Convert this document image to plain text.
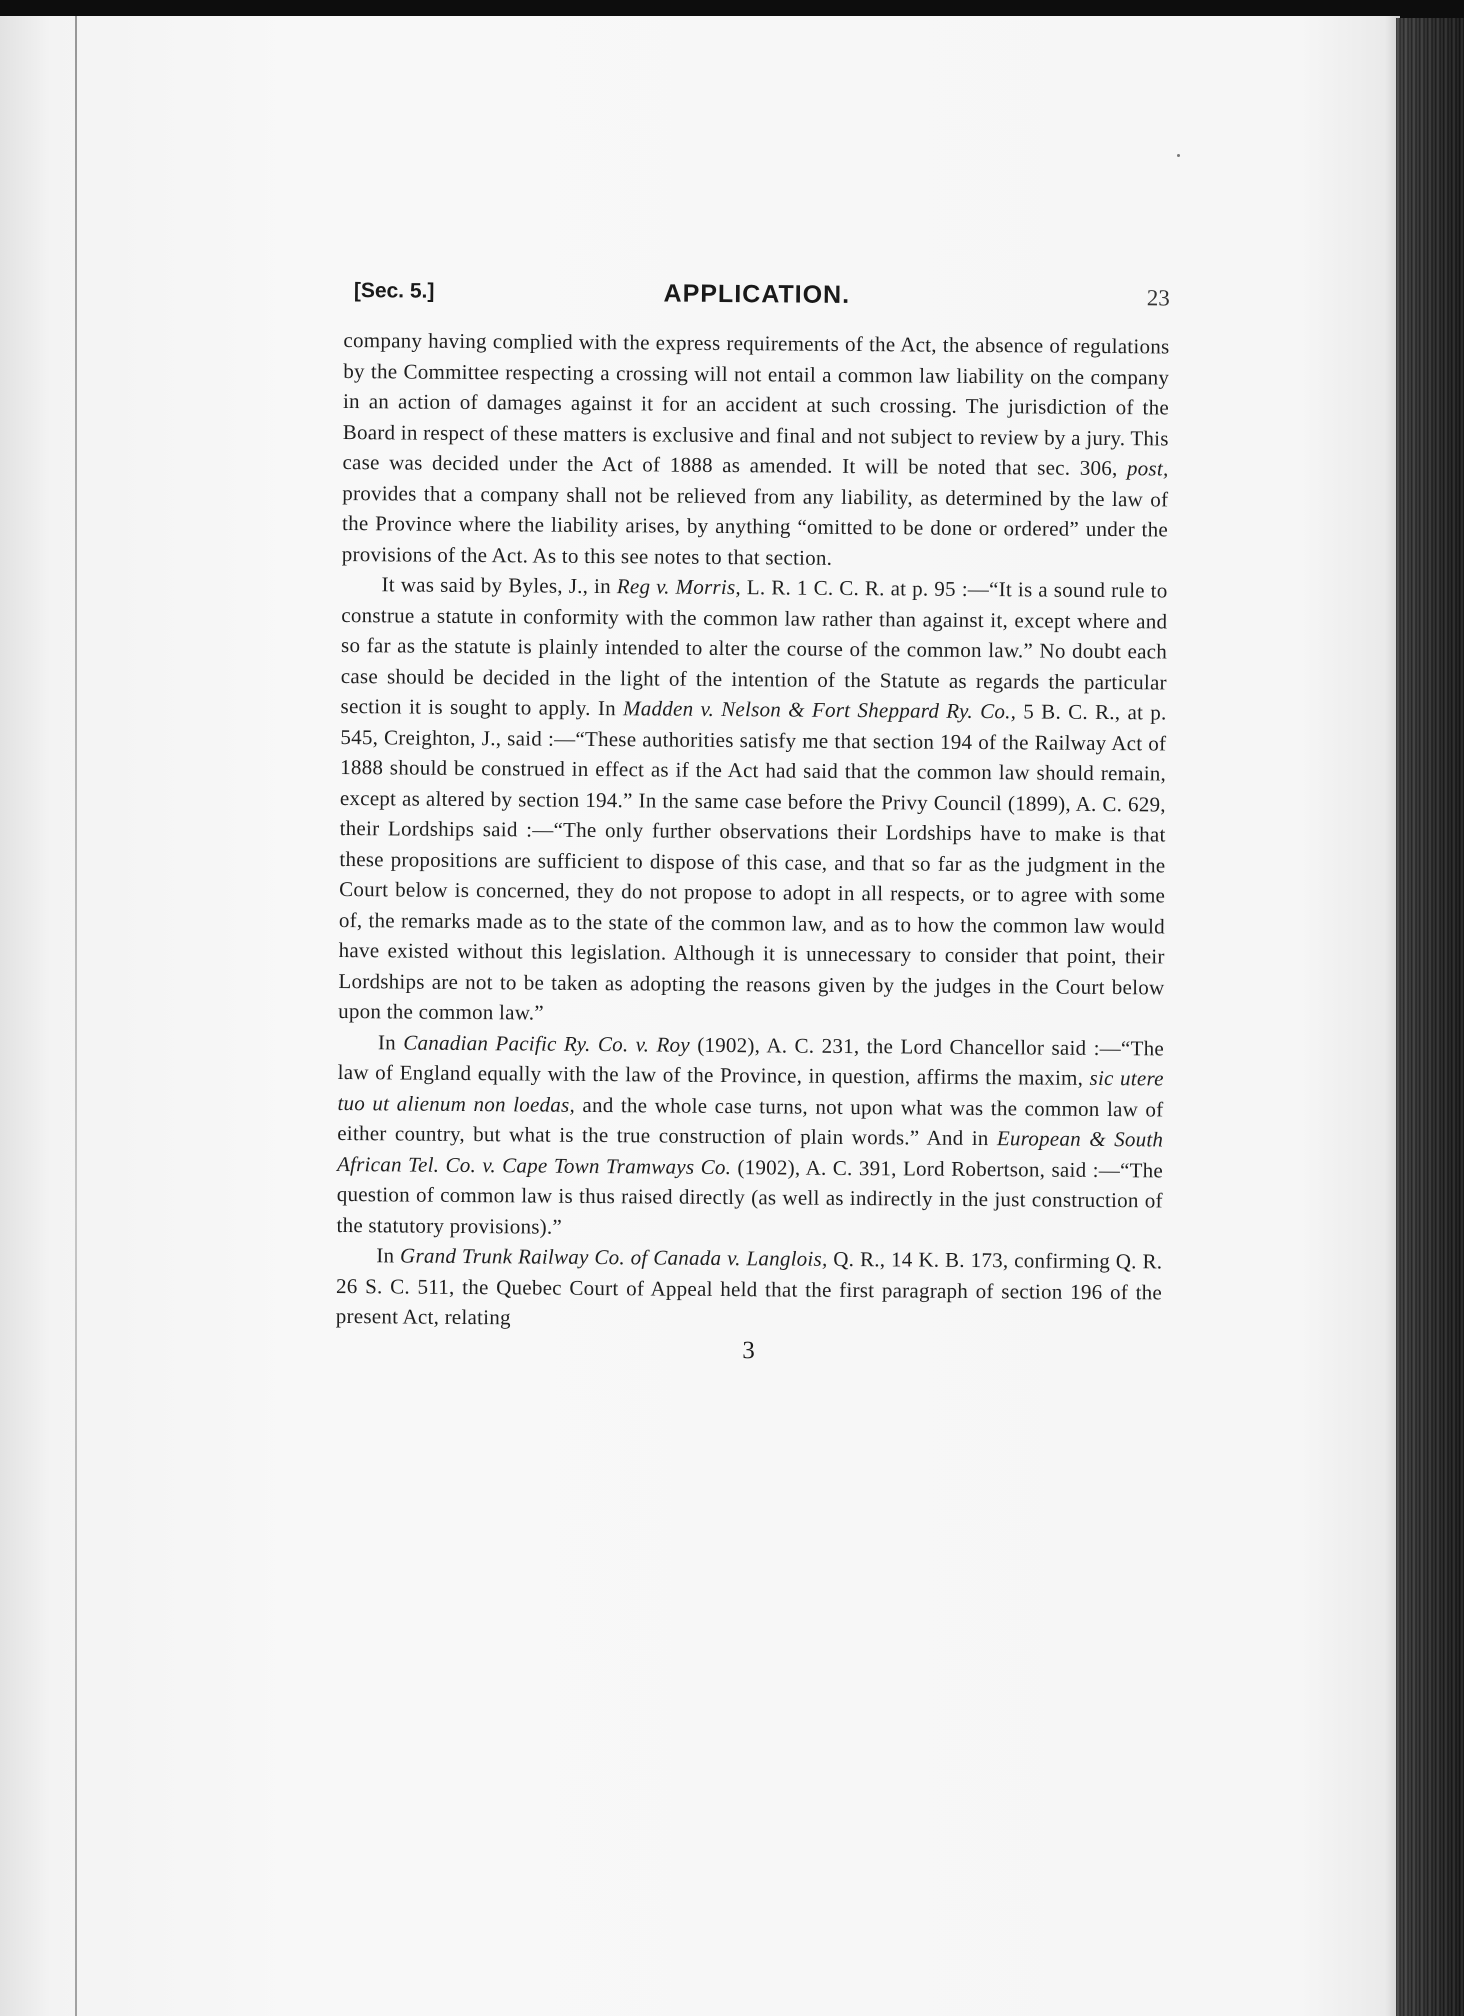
[Sec. 5.]	APPLICATION.	23

company having complied with the express requirements of the Act, the absence of regulations by the Committee respecting a crossing will not entail a common law liability on the company in an action of damages against it for an accident at such crossing. The jurisdiction of the Board in respect of these matters is exclusive and final and not subject to review by a jury. This case was decided under the Act of 1888 as amended. It will be noted that sec. 306, post, provides that a company shall not be relieved from any liability, as determined by the law of the Province where the liability arises, by anything “omitted to be done or ordered” under the provisions of the Act. As to this see notes to that section.

It was said by Byles, J., in Reg v. Morris, L. R. 1 C. C. R. at p. 95 :—“It is a sound rule to construe a statute in conformity with the common law rather than against it, except where and so far as the statute is plainly intended to alter the course of the common law.” No doubt each case should be decided in the light of the intention of the Statute as regards the particular section it is sought to apply. In Madden v. Nelson & Fort Sheppard Ry. Co., 5 B. C. R., at p. 545, Creighton, J., said :—“These authorities satisfy me that section 194 of the Railway Act of 1888 should be construed in effect as if the Act had said that the common law should remain, except as altered by section 194.” In the same case before the Privy Council (1899), A. C. 629, their Lordships said :—“The only further observations their Lordships have to make is that these propositions are sufficient to dispose of this case, and that so far as the judgment in the Court below is concerned, they do not propose to adopt in all respects, or to agree with some of, the remarks made as to the state of the common law, and as to how the common law would have existed without this legislation. Although it is unnecessary to consider that point, their Lordships are not to be taken as adopting the reasons given by the judges in the Court below upon the common law.”

In Canadian Pacific Ry. Co. v. Roy (1902), A. C. 231, the Lord Chancellor said :—“The law of England equally with the law of the Province, in question, affirms the maxim, sic utere tuo ut alienum non loedas, and the whole case turns, not upon what was the common law of either country, but what is the true construction of plain words.” And in European & South African Tel. Co. v. Cape Town Tramways Co. (1902), A. C. 391, Lord Robertson, said :—“The question of common law is thus raised directly (as well as indirectly in the just construction of the statutory provisions).”

In Grand Trunk Railway Co. of Canada v. Langlois, Q. R., 14 K. B. 173, confirming Q. R. 26 S. C. 511, the Quebec Court of Appeal held that the first paragraph of section 196 of the present Act, relating

3
